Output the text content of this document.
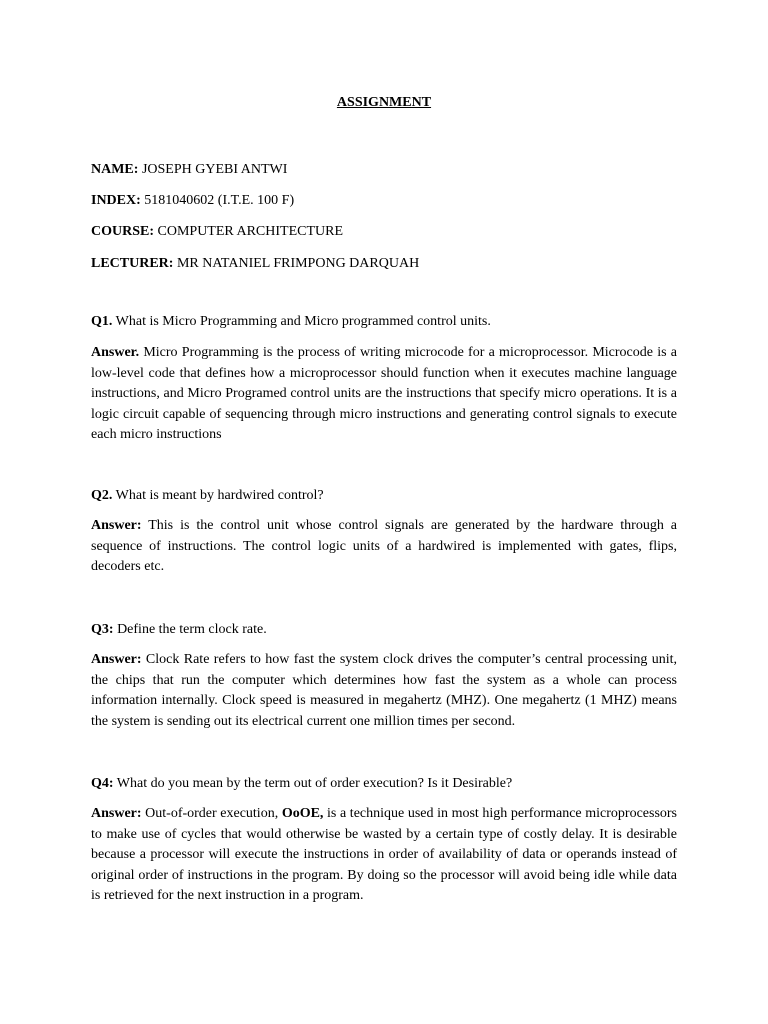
ASSIGNMENT
NAME: JOSEPH GYEBI ANTWI
INDEX: 5181040602 (I.T.E. 100 F)
COURSE: COMPUTER ARCHITECTURE
LECTURER: MR NATANIEL FRIMPONG DARQUAH
Q1. What is Micro Programming and Micro programmed control units.
Answer. Micro Programming is the process of writing microcode for a microprocessor. Microcode is a low-level code that defines how a microprocessor should function when it executes machine language instructions, and Micro Programed control units are the instructions that specify micro operations. It is a logic circuit capable of sequencing through micro instructions and generating control signals to execute each micro instructions
Q2. What is meant by hardwired control?
Answer: This is the control unit whose control signals are generated by the hardware through a sequence of instructions. The control logic units of a hardwired is implemented with gates, flips, decoders etc.
Q3: Define the term clock rate.
Answer: Clock Rate refers to how fast the system clock drives the computer’s central processing unit, the chips that run the computer which determines how fast the system as a whole can process information internally. Clock speed is measured in megahertz (MHZ). One megahertz (1 MHZ) means the system is sending out its electrical current one million times per second.
Q4: What do you mean by the term out of order execution? Is it Desirable?
Answer: Out-of-order execution, OoOE, is a technique used in most high performance microprocessors to make use of cycles that would otherwise be wasted by a certain type of costly delay. It is desirable because a processor will execute the instructions in order of availability of data or operands instead of original order of instructions in the program. By doing so the processor will avoid being idle while data is retrieved for the next instruction in a program.
